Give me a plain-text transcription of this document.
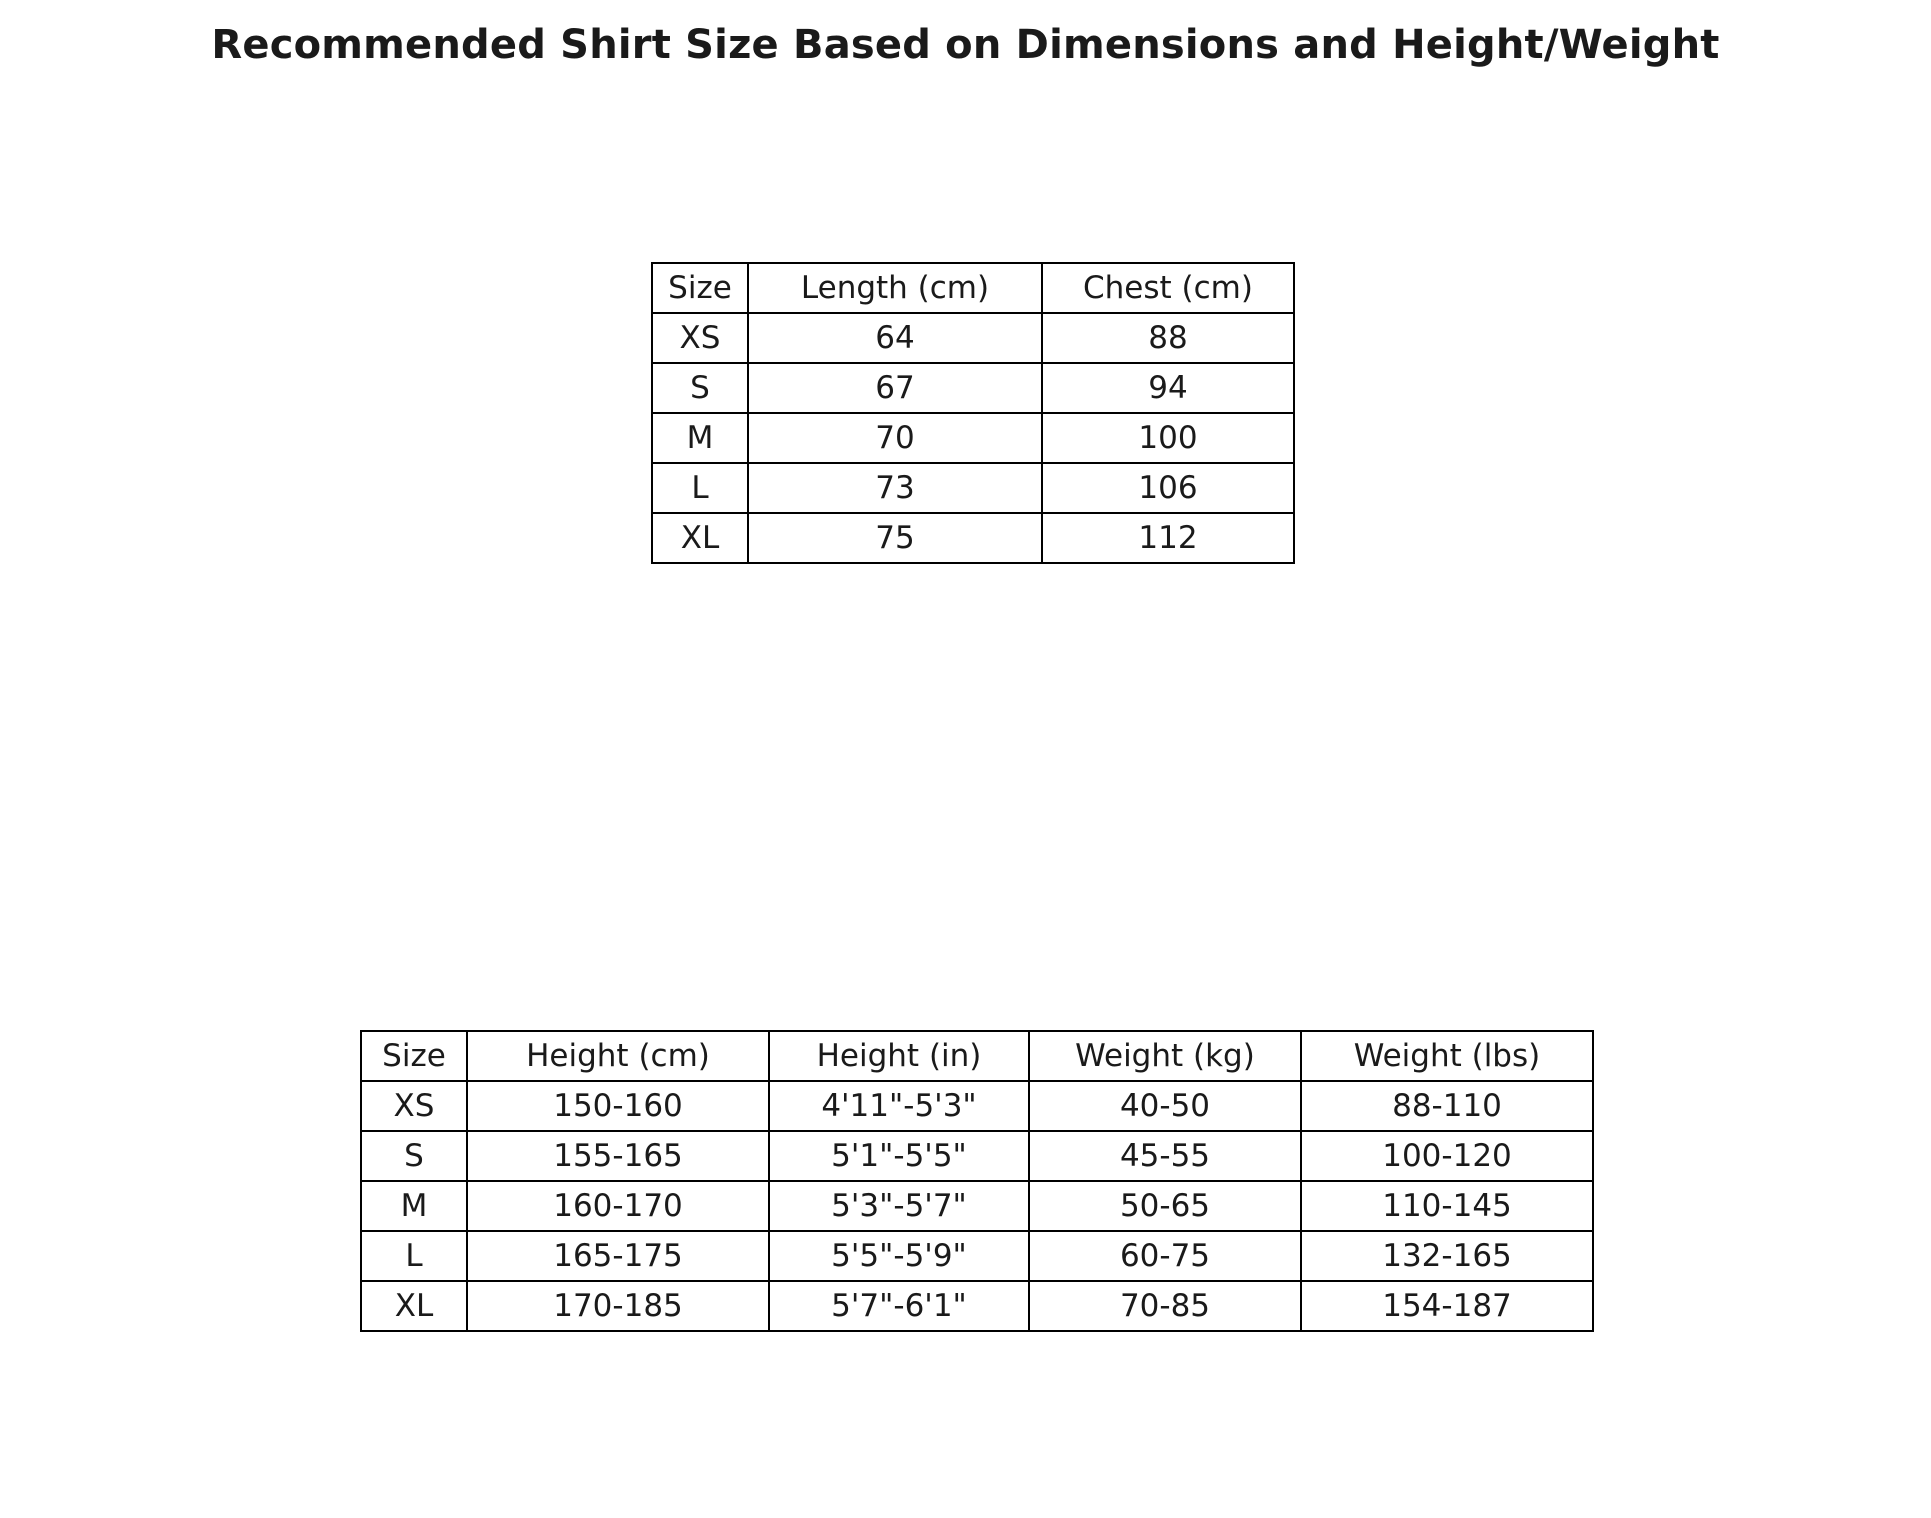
Recommended Shirt Size Based on Dimensions and Height/Weight
Size	Length (cm)	Chest (cm)
XS	64	88
S	67	94
M	70	100
L	73	106
XL	75	112
Size	Height (cm)	Height (in)	Weight (kg)	Weight (lbs)
XS	150-160	4'11"-5'3"	40-50	88-110
S	155-165	5'1"-5'5"	45-55	100-120
M	160-170	5'3"-5'7"	50-65	110-145
L	165-175	5'5"-5'9"	60-75	132-165
XL	170-185	5'7"-6'1"	70-85	154-187
